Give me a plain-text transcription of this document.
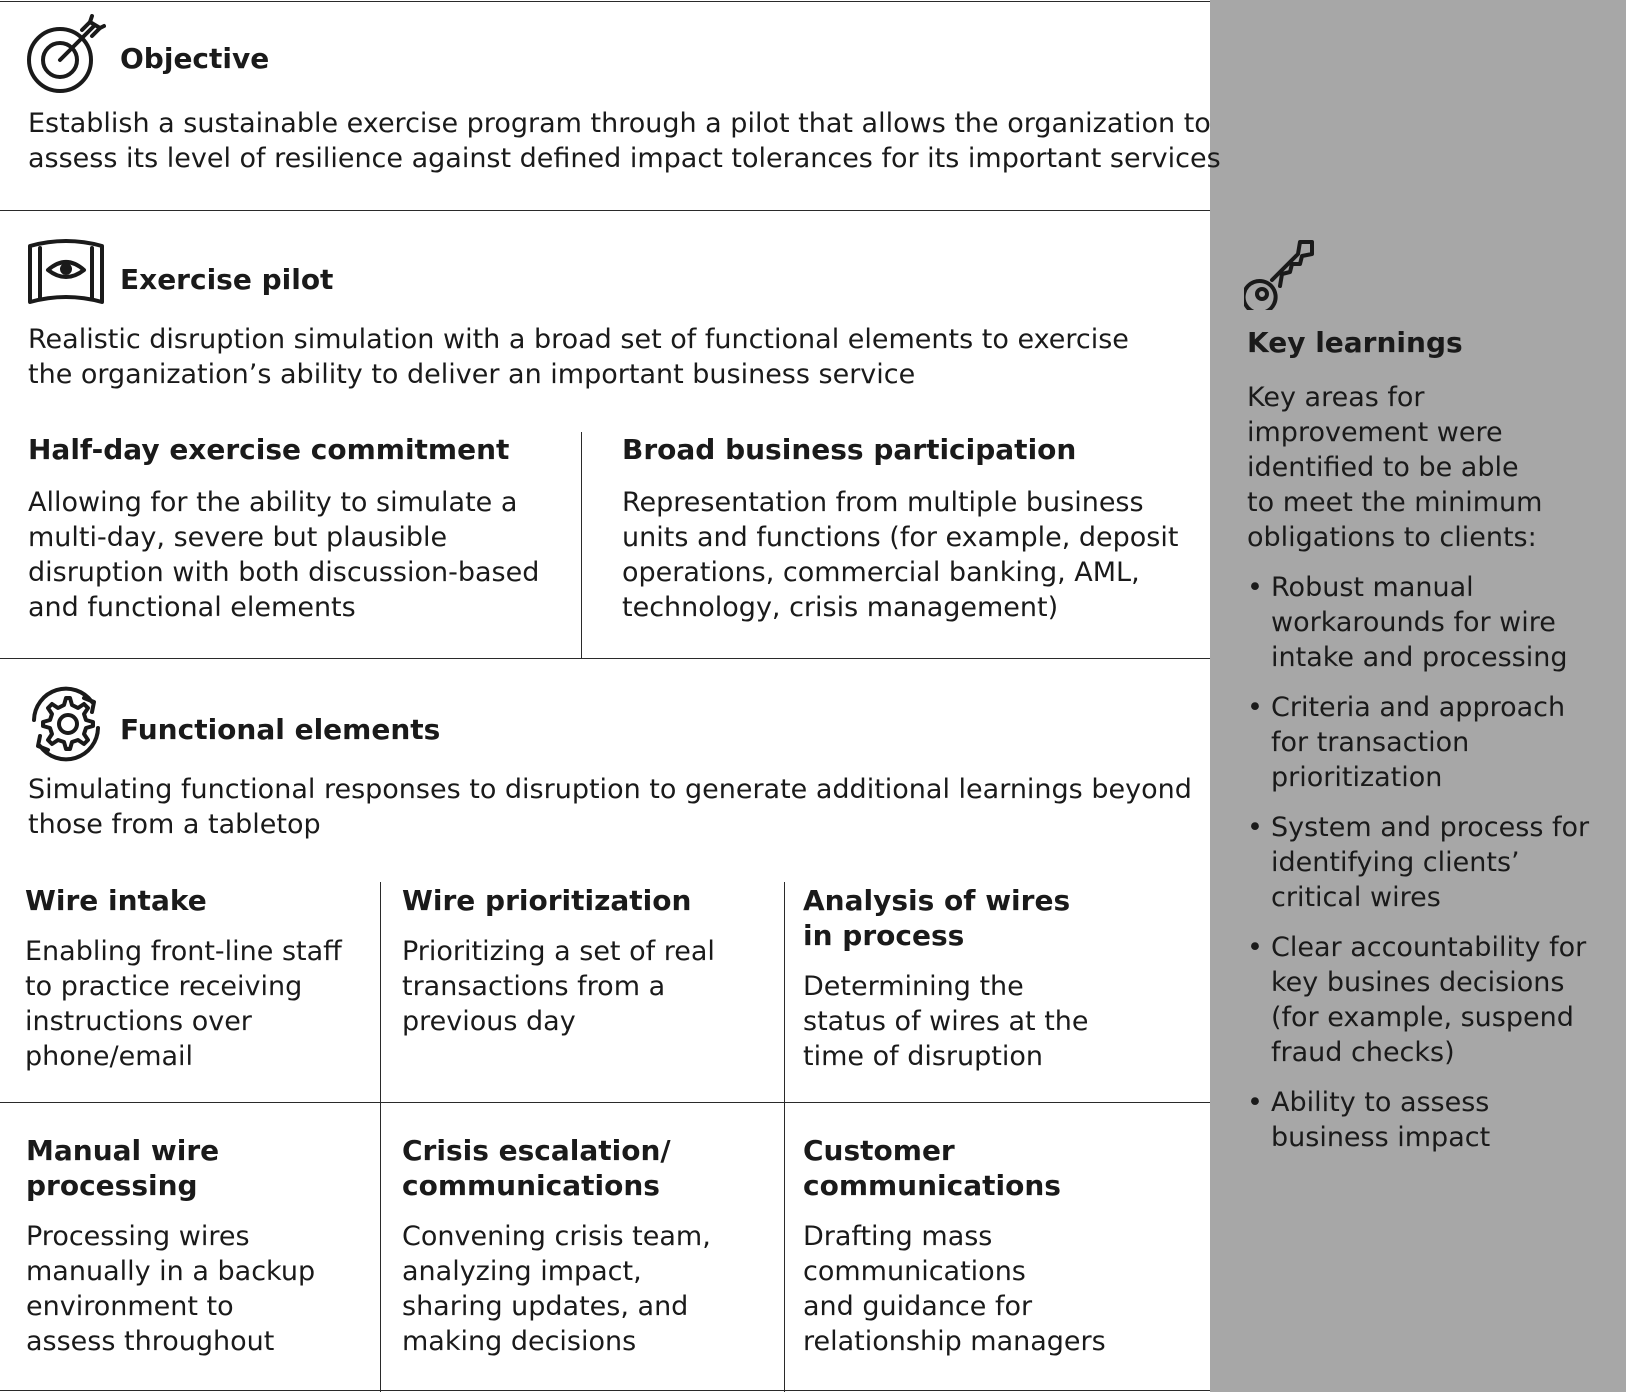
Objective
Establish a sustainable exercise program through a pilot that allows the organization to
assess its level of resilience against defined impact tolerances for its important services
Exercise pilot
Realistic disruption simulation with a broad set of functional elements to exercise
the organization’s ability to deliver an important business service
Half-day exercise commitment
Allowing for the ability to simulate a
multi-day, severe but plausible
disruption with both discussion-based
and functional elements
Broad business participation
Representation from multiple business
units and functions (for example, deposit
operations, commercial banking, AML,
technology, crisis management)
Functional elements
Simulating functional responses to disruption to generate additional learnings beyond
those from a tabletop
Wire intake
Enabling front-line staff
to practice receiving
instructions over
phone/email
Wire prioritization
Prioritizing a set of real
transactions from a
previous day
Analysis of wires
in process
Determining the
status of wires at the
time of disruption
Manual wire
processing
Processing wires
manually in a backup
environment to
assess throughout
Crisis escalation/
communications
Convening crisis team,
analyzing impact,
sharing updates, and
making decisions
Customer
communications
Drafting mass
communications
and guidance for
relationship managers
Key learnings
Key areas for
improvement were
identified to be able
to meet the minimum
obligations to clients:
• Robust manual
workarounds for wire
intake and processing
• Criteria and approach
for transaction
prioritization
• System and process for
identifying clients’
critical wires
• Clear accountability for
key busines decisions
(for example, suspend
fraud checks)
• Ability to assess
business impact
